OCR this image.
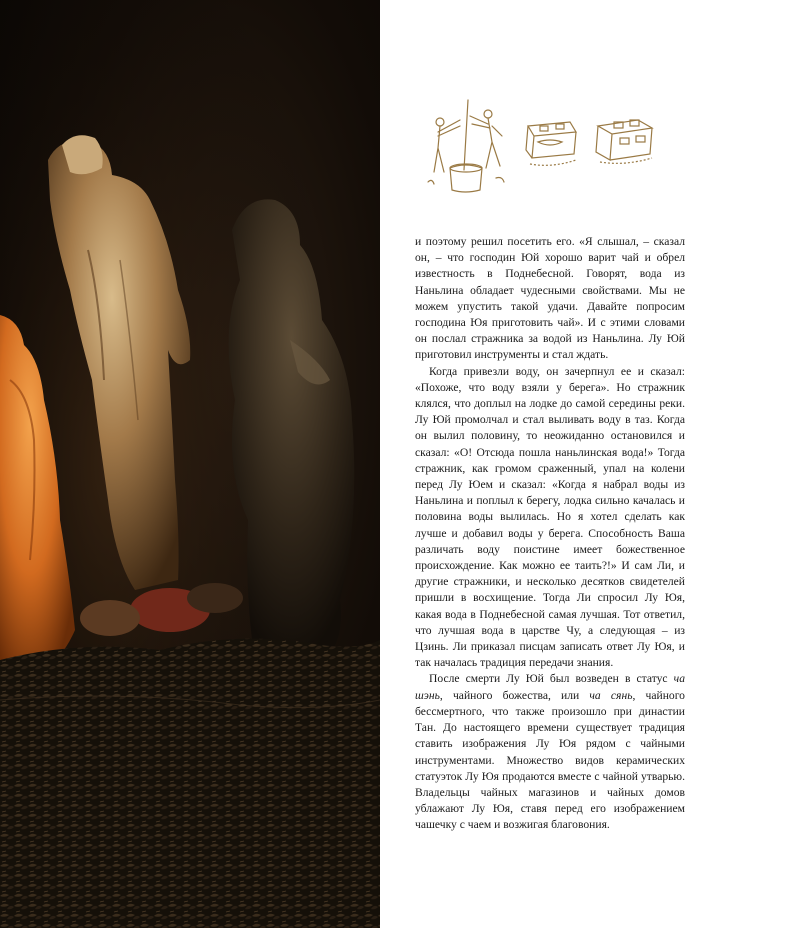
и поэтому решил посетить его. «Я слышал, – сказал он, – что господин Юй хорошо варит чай и обрел известность в Поднебесной. Говорят, вода из Наньлина обладает чудесными свойствами. Мы не можем упустить такой удачи. Давайте попросим господина Юя приготовить чай». И с этими словами он послал стражника за водой из Наньлина. Лу Юй приготовил инструменты и стал ждать.

Когда привезли воду, он зачерпнул ее и сказал: «Похоже, что воду взяли у берега». Но стражник клялся, что доплыл на лодке до самой середины реки. Лу Юй промолчал и стал выливать воду в таз. Когда он вылил половину, то неожиданно остановился и сказал: «О! Отсюда пошла наньлинская вода!» Тогда стражник, как громом сраженный, упал на колени перед Лу Юем и сказал: «Когда я набрал воды из Наньлина и поплыл к берегу, лодка сильно качалась и половина воды вылилась. Но я хотел сделать как лучше и добавил воды у берега. Способность Ваша различать воду поистине имеет божественное происхождение. Как можно ее таить?!» И сам Ли, и другие стражники, и несколько десятков свидетелей пришли в восхищение. Тогда Ли спросил Лу Юя, какая вода в Поднебесной самая лучшая. Тот ответил, что лучшая вода в царстве Чу, а следующая – из Цзинь. Ли приказал писцам записать ответ Лу Юя, и так началась традиция передачи знания.

После смерти Лу Юй был возведен в статус ча шэнь, чайного божества, или ча сянь, чайного бессмертного, что также произошло при династии Тан. До настоящего времени существует традиция ставить изображения Лу Юя рядом с чайными инструментами. Множество видов керамических статуэток Лу Юя продаются вместе с чайной утварью. Владельцы чайных магазинов и чайных домов ублажают Лу Юя, ставя перед его изображением чашечку с чаем и возжигая благовония.
